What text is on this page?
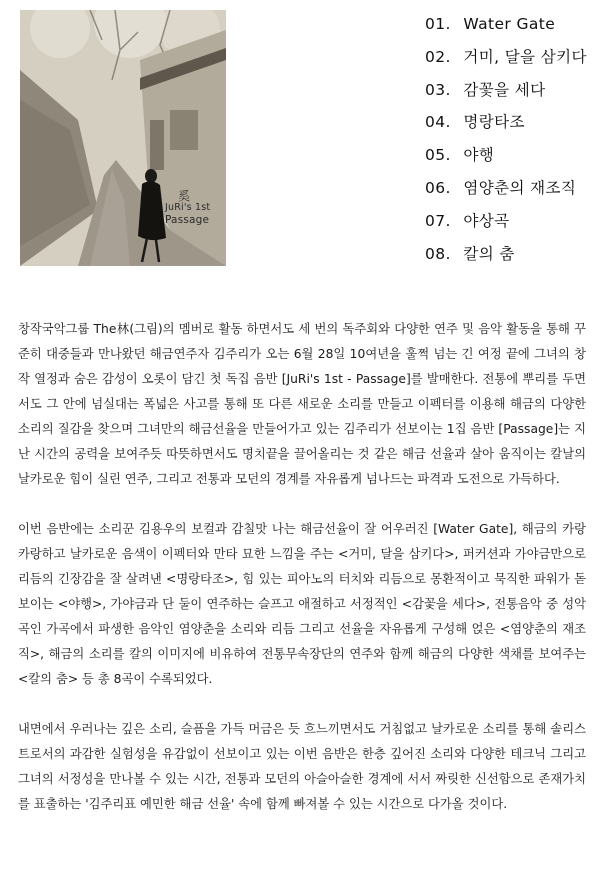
奚
JuRi's 1st
Passage
01. Water Gate
02. 거미, 달을 삼키다
03. 감꽃을 세다
04. 명랑타조
05. 야행
06. 염양춘의 재조직
07. 야상곡
08. 칼의 춤

창작국악그룹 The林(그림)의 멤버로 활동 하면서도 세 번의 독주회와 다양한 연주 및 음악 활동을 통해 꾸준히 대중들과 만나왔던 해금연주자 김주리가 오는 6월 28일 10여년을 훌쩍 넘는 긴 여정 끝에 그녀의 창작 열정과 숨은 감성이 오롯이 담긴 첫 독집 음반 [JuRi's 1st - Passage]를 발매한다. 전통에 뿌리를 두면서도 그 안에 넘실대는 폭넓은 사고를 통해 또 다른 새로운 소리를 만들고 이펙터를 이용해 해금의 다양한 소리의 질감을 찾으며 그녀만의 해금선율을 만들어가고 있는 김주리가 선보이는 1집 음반 [Passage]는 지난 시간의 공력을 보여주듯 따뜻하면서도 명치끝을 끌어올리는 것 같은 해금 선율과 살아 움직이는 칼날의 날카로운 힘이 실린 연주, 그리고 전통과 모던의 경계를 자유롭게 넘나드는 파격과 도전으로 가득하다.

이번 음반에는 소리꾼 김용우의 보컬과 감칠맛 나는 해금선율이 잘 어우러진 [Water Gate], 해금의 카랑카랑하고 날카로운 음색이 이펙터와 만타 묘한 느낌을 주는 <거미, 달을 삼키다>, 퍼커션과 가야금만으로 리듬의 긴장감을 잘 살려낸 <명랑타조>, 힘 있는 피아노의 터치와 리듬으로 몽환적이고 묵직한 파워가 돋보이는 <야행>, 가야금과 단 둘이 연주하는 슬프고 애절하고 서정적인 <감꽃을 세다>, 전통음악 중 성악곡인 가곡에서 파생한 음악인 염양춘을 소리와 리듬 그리고 선율을 자유롭게 구성해 얹은 <염양춘의 재조직>, 해금의 소리를 칼의 이미지에 비유하여 전통무속장단의 연주와 함께 해금의 다양한 색채를 보여주는 <칼의 춤> 등 총 8곡이 수록되었다.

내면에서 우러나는 깊은 소리, 슬픔을 가득 머금은 듯 흐느끼면서도 거침없고 날카로운 소리를 통해 솔리스트로서의 과감한 실험성을 유감없이 선보이고 있는 이번 음반은 한층 깊어진 소리와 다양한 테크닉 그리고 그녀의 서정성을 만나볼 수 있는 시간, 전통과 모던의 아슬아슬한 경계에 서서 짜릿한 신선함으로 존재가치를 표출하는 '김주리표 예민한 해금 선율' 속에 함께 빠져볼 수 있는 시간으로 다가올 것이다.
